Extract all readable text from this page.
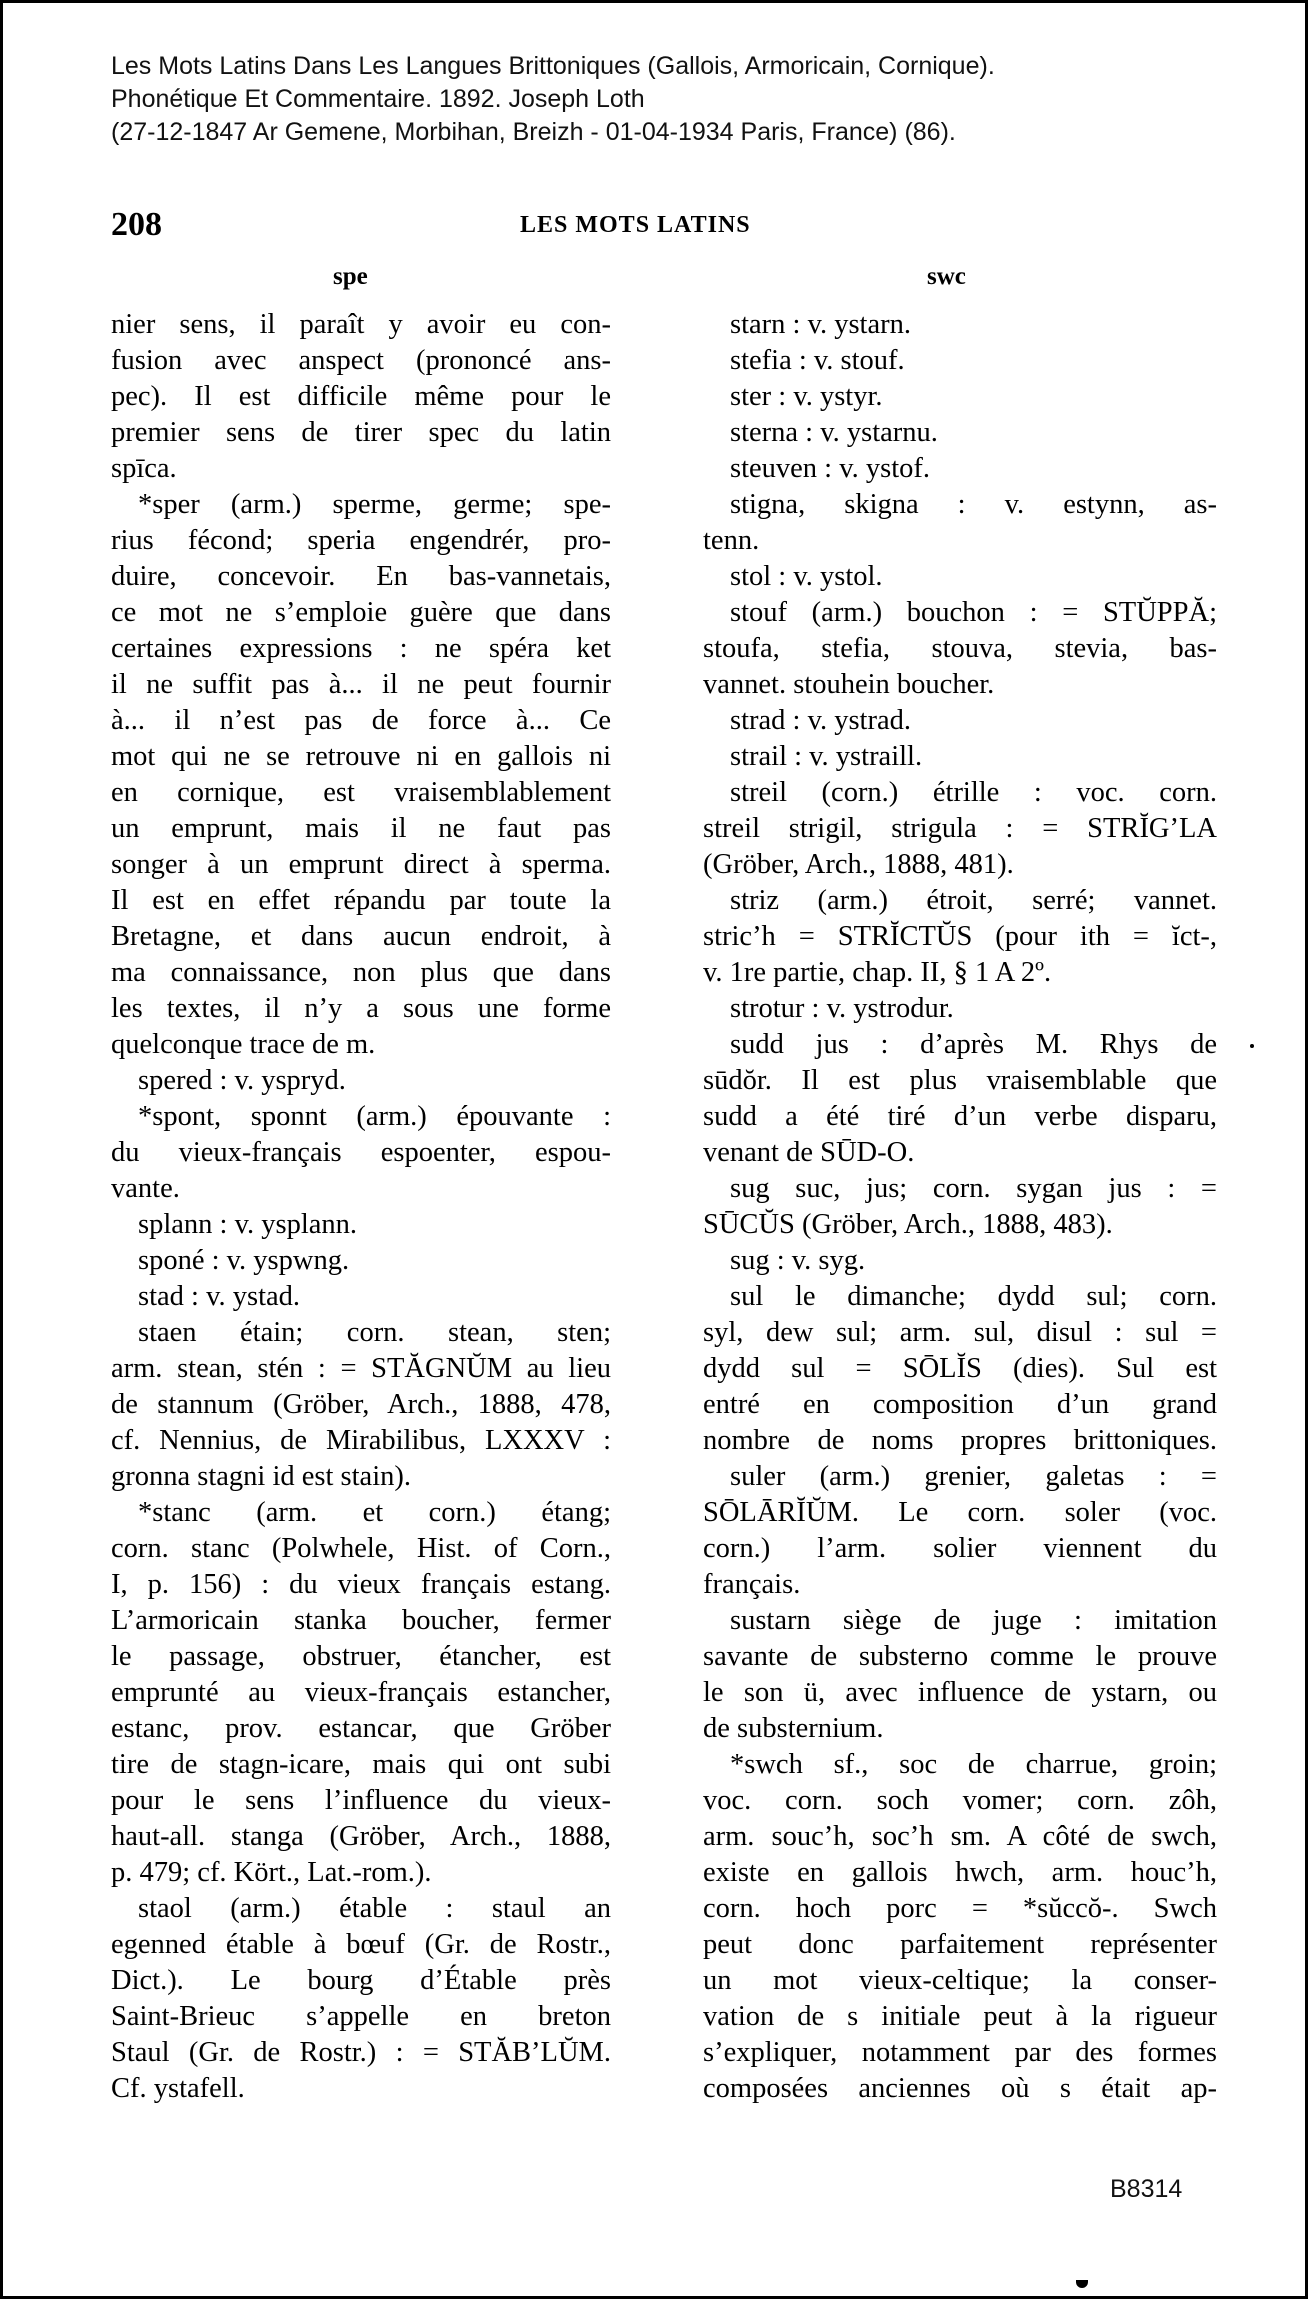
Les Mots Latins Dans Les Langues Brittoniques (Gallois, Armoricain, Cornique).
Phonétique Et Commentaire. 1892. Joseph Loth
(27-12-1847 Ar Gemene, Morbihan, Breizh - 01-04-1934 Paris, France) (86).
208	LES MOTS LATINS
spe	swc
nier sens, il paraît y avoir eu con-
fusion avec anspect (prononcé ans-
pec). Il est difficile même pour le
premier sens de tirer spec du latin
spīca.
*sper (arm.) sperme, germe; spe-
rius fécond; speria engendrér, pro-
duire, concevoir. En bas-vannetais,
ce mot ne s’emploie guère que dans
certaines expressions : ne spéra ket
il ne suffit pas à... il ne peut fournir
à... il n’est pas de force à... Ce
mot qui ne se retrouve ni en gallois ni
en cornique, est vraisemblablement
un emprunt, mais il ne faut pas
songer à un emprunt direct à sperma.
Il est en effet répandu par toute la
Bretagne, et dans aucun endroit, à
ma connaissance, non plus que dans
les textes, il n’y a sous une forme
quelconque trace de m.
spered : v. yspryd.
*spont, sponnt (arm.) épouvante :
du vieux-français espoenter, espou-
vante.
splann : v. ysplann.
sponé : v. yspwng.
stad : v. ystad.
staen étain; corn. stean, sten;
arm. stean, stén : = STĂGNŬM au lieu
de stannum (Gröber, Arch., 1888, 478,
cf. Nennius, de Mirabilibus, LXXXV :
gronna stagni id est stain).
*stanc (arm. et corn.) étang;
corn. stanc (Polwhele, Hist. of Corn.,
I, p. 156) : du vieux français estang.
L’armoricain stanka boucher, fermer
le passage, obstruer, étancher, est
emprunté au vieux-français estancher,
estanc, prov. estancar, que Gröber
tire de stagn-icare, mais qui ont subi
pour le sens l’influence du vieux-
haut-all. stanga (Gröber, Arch., 1888,
p. 479; cf. Kört., Lat.-rom.).
staol (arm.) étable : staul an
egenned étable à bœuf (Gr. de Rostr.,
Dict.). Le bourg d’Étable près
Saint-Brieuc s’appelle en breton
Staul (Gr. de Rostr.) : = STĂB’LŬM.
Cf. ystafell.
starn : v. ystarn.
stefia : v. stouf.
ster : v. ystyr.
sterna : v. ystarnu.
steuven : v. ystof.
stigna, skigna : v. estynn, as-
tenn.
stol : v. ystol.
stouf (arm.) bouchon : = STŬPPĂ;
stoufa, stefia, stouva, stevia, bas-
vannet. stouhein boucher.
strad : v. ystrad.
strail : v. ystraill.
streil (corn.) étrille : voc. corn.
streil strigil, strigula : = STRĬG’LA
(Gröber, Arch., 1888, 481).
striz (arm.) étroit, serré; vannet.
stric’h = STRĬCTŬS (pour ith = ĭct-,
v. 1re partie, chap. II, § 1 A 2º.
strotur : v. ystrodur.
sudd jus : d’après M. Rhys de
sūdŏr. Il est plus vraisemblable que
sudd a été tiré d’un verbe disparu,
venant de SŪD-O.
sug suc, jus; corn. sygan jus : =
SŪCŬS (Gröber, Arch., 1888, 483).
sug : v. syg.
sul le dimanche; dydd sul; corn.
syl, dew sul; arm. sul, disul : sul =
dydd sul = SŌLĬS (dies). Sul est
entré en composition d’un grand
nombre de noms propres brittoniques.
suler (arm.) grenier, galetas : =
SŌLĀRĬŬM. Le corn. soler (voc.
corn.) l’arm. solier viennent du
français.
sustarn siège de juge : imitation
savante de substerno comme le prouve
le son ü, avec influence de ystarn, ou
de substernium.
*swch sf., soc de charrue, groin;
voc. corn. soch vomer; corn. zôh,
arm. souc’h, soc’h sm. A côté de swch,
existe en gallois hwch, arm. houc’h,
corn. hoch porc = *sŭccŏ-. Swch
peut donc parfaitement représenter
un mot vieux-celtique; la conser-
vation de s initiale peut à la rigueur
s’expliquer, notamment par des formes
composées anciennes où s était ap-
B8314
